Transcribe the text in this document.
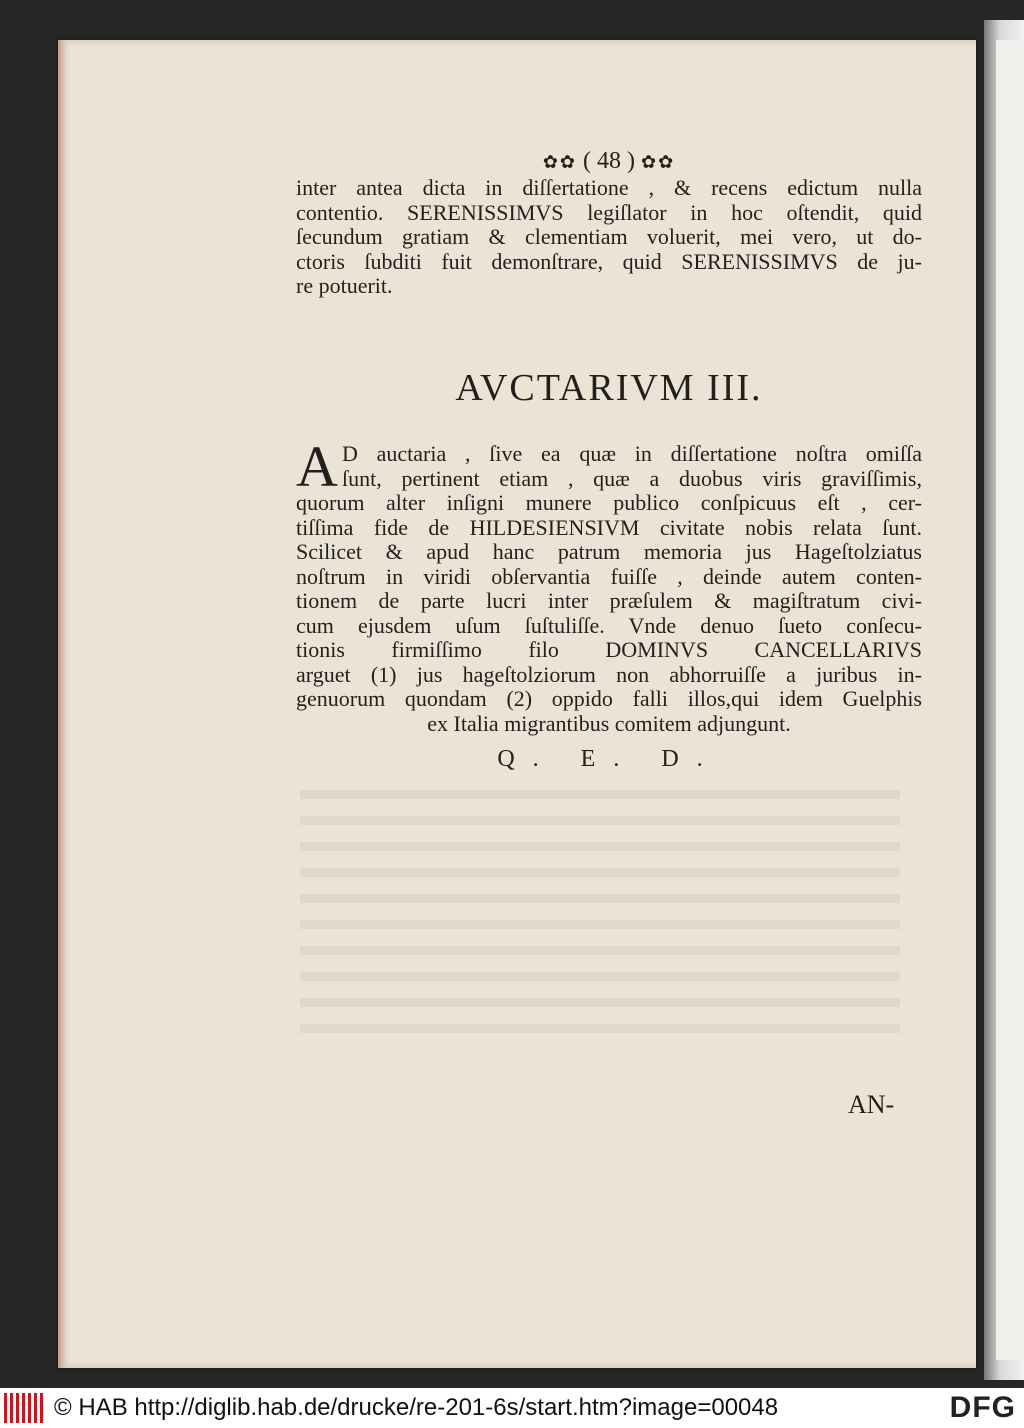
✿✿ ( 48 ) ✿✿
inter antea dicta in diſſertatione , & recens edictum nulla
contentio. SERENISSIMVS legiſlator in hoc oſtendit, quid
ſecundum gratiam & clementiam voluerit, mei vero, ut do-
ctoris ſubditi fuit demonſtrare, quid SERENISSIMVS de ju-
re potuerit.
AVCTARIVM III.
A D auctaria , ſive ea quæ in diſſertatione noſtra omiſſa
ſunt, pertinent etiam , quæ a duobus viris graviſſimis,
quorum alter inſigni munere publico conſpicuus eſt , cer-
tiſſima fide de HILDESIENSIVM civitate nobis relata ſunt.
Scilicet & apud hanc patrum memoria jus Hageſtolziatus
noſtrum in viridi obſervantia fuiſſe , deinde autem conten-
tionem de parte lucri inter præſulem & magiſtratum civi-
cum ejusdem uſum ſuſtuliſſe. Vnde denuo ſueto conſecu-
tionis firmiſſimo filo DOMINVS CANCELLARIVS
arguet (1) jus hageſtolziorum non abhorruiſſe a juribus in-
genuorum quondam (2) oppido falli illos,qui idem Guelphis
ex Italia migrantibus comitem adjungunt.
Q. E. D.
AN-
© HAB http://diglib.hab.de/drucke/re-201-6s/start.htm?image=00048	DFG
